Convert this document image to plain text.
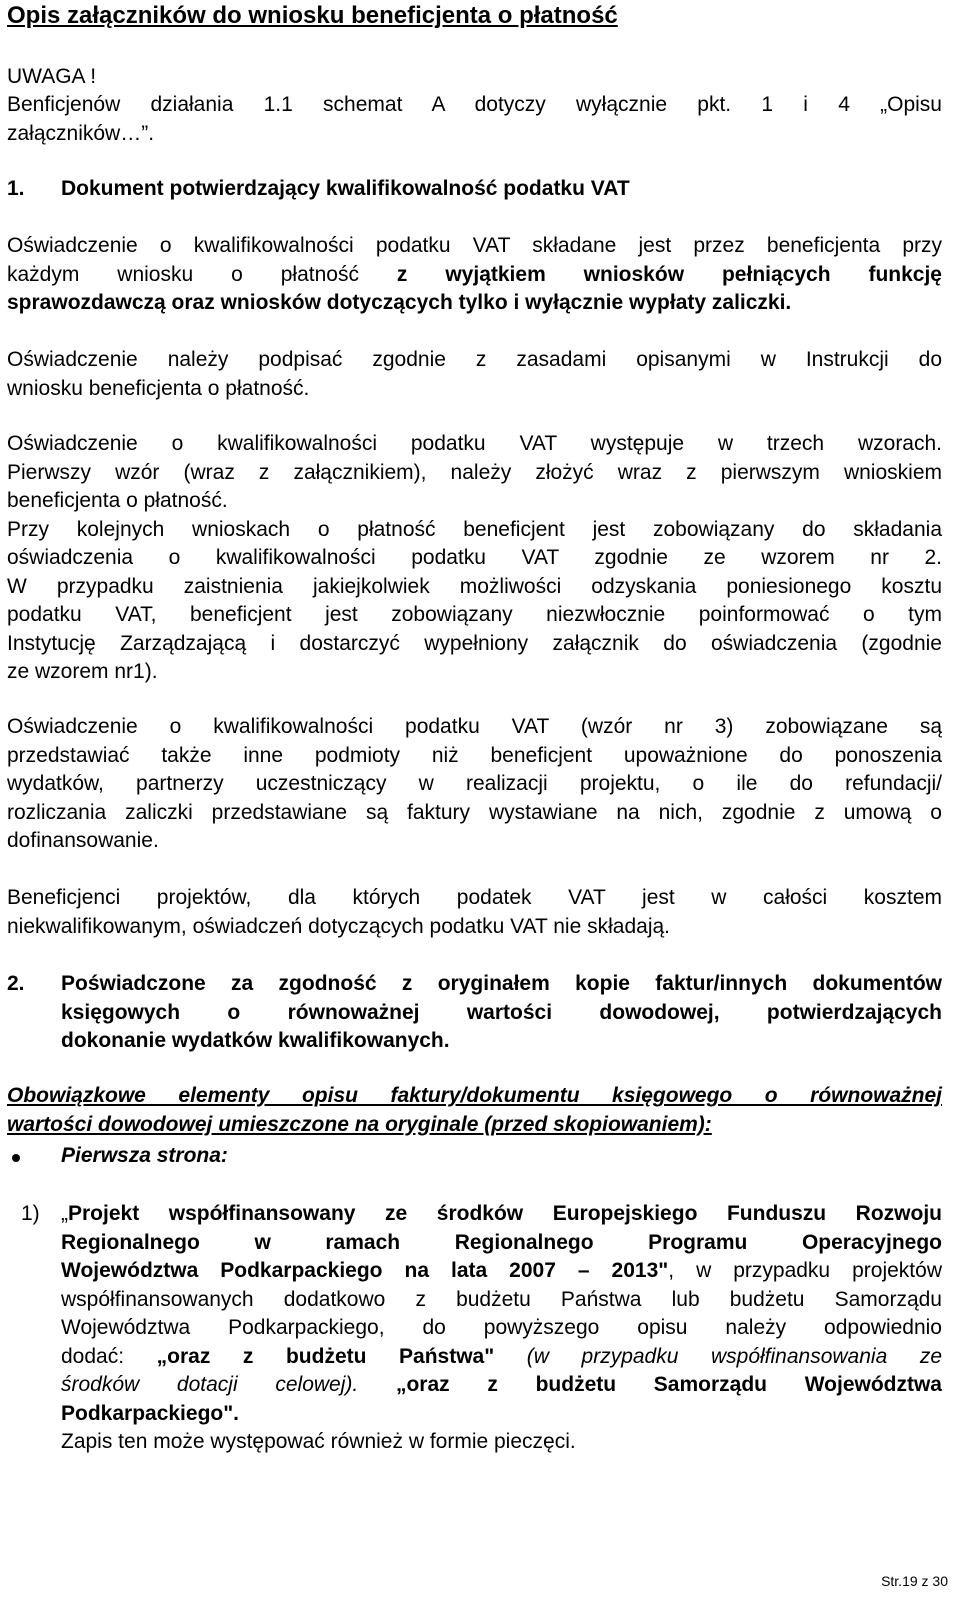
Opis załączników do wniosku beneficjenta o płatność
UWAGA !
Benficjenów działania 1.1 schemat A dotyczy wyłącznie pkt. 1 i 4 „Opisu
załączników…”.
1. Dokument potwierdzający kwalifikowalność podatku VAT
Oświadczenie o kwalifikowalności podatku VAT składane jest przez beneficjenta przy
każdym wniosku o płatność z wyjątkiem wniosków pełniących funkcję
sprawozdawczą oraz wniosków dotyczących tylko i wyłącznie wypłaty zaliczki.
Oświadczenie należy podpisać zgodnie z zasadami opisanymi w Instrukcji do
wniosku beneficjenta o płatność.
Oświadczenie o kwalifikowalności podatku VAT występuje w trzech wzorach.
Pierwszy wzór (wraz z załącznikiem), należy złożyć wraz z pierwszym wnioskiem
beneficjenta o płatność.
Przy kolejnych wnioskach o płatność beneficjent jest zobowiązany do składania
oświadczenia o kwalifikowalności podatku VAT zgodnie ze wzorem nr 2.
W przypadku zaistnienia jakiejkolwiek możliwości odzyskania poniesionego kosztu
podatku VAT, beneficjent jest zobowiązany niezwłocznie poinformować o tym
Instytucję Zarządzającą i dostarczyć wypełniony załącznik do oświadczenia (zgodnie
ze wzorem nr1).
Oświadczenie o kwalifikowalności podatku VAT (wzór nr 3) zobowiązane są
przedstawiać także inne podmioty niż beneficjent upoważnione do ponoszenia
wydatków, partnerzy uczestniczący w realizacji projektu, o ile do refundacji/
rozliczania zaliczki przedstawiane są faktury wystawiane na nich, zgodnie z umową o
dofinansowanie.
Beneficjenci projektów, dla których podatek VAT jest w całości kosztem
niekwalifikowanym, oświadczeń dotyczących podatku VAT nie składają.
2. Poświadczone za zgodność z oryginałem kopie faktur/innych dokumentów
księgowych o równoważnej wartości dowodowej, potwierdzających
dokonanie wydatków kwalifikowanych.
Obowiązkowe elementy opisu faktury/dokumentu księgowego o równoważnej
wartości dowodowej umieszczone na oryginale (przed skopiowaniem):
Pierwsza strona:
1) „Projekt współfinansowany ze środków Europejskiego Funduszu Rozwoju
Regionalnego w ramach Regionalnego Programu Operacyjnego
Województwa Podkarpackiego na lata 2007 – 2013", w przypadku projektów
współfinansowanych dodatkowo z budżetu Państwa lub budżetu Samorządu
Województwa Podkarpackiego, do powyższego opisu należy odpowiednio
dodać: „oraz z budżetu Państwa" (w przypadku współfinansowania ze
środków dotacji celowej). „oraz z budżetu Samorządu Województwa
Podkarpackiego".
Zapis ten może występować również w formie pieczęci.
Str.19 z 30
